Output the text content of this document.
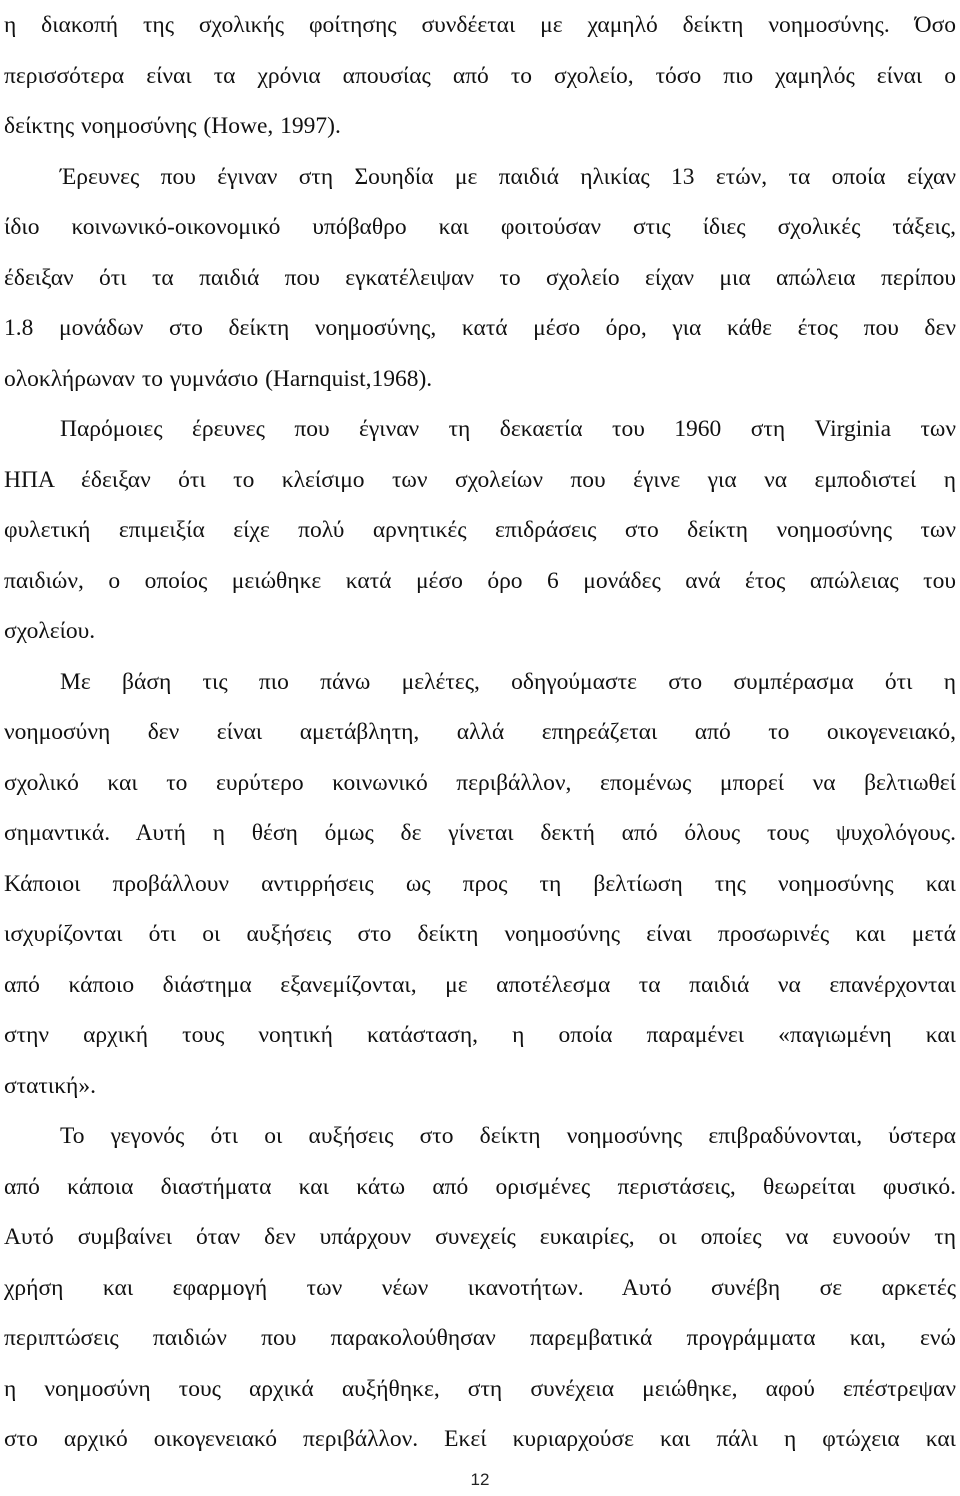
η διακοπή της σχολικής φοίτησης συνδέεται με χαμηλό δείκτη νοημοσύνης. Όσο
περισσότερα είναι τα χρόνια απουσίας από το σχολείο, τόσο πιο χαμηλός είναι ο
δείκτης νοημοσύνης (Howe, 1997).
Έρευνες που έγιναν στη Σουηδία με παιδιά ηλικίας 13 ετών, τα οποία είχαν
ίδιο κοινωνικό-οικονομικό υπόβαθρο και φοιτούσαν στις ίδιες σχολικές τάξεις,
έδειξαν ότι τα παιδιά που εγκατέλειψαν το σχολείο είχαν μια απώλεια περίπου
1.8 μονάδων στο δείκτη νοημοσύνης, κατά μέσο όρο, για κάθε έτος που δεν
ολοκλήρωναν το γυμνάσιο (Harnquist,1968).
Παρόμοιες έρευνες που έγιναν τη δεκαετία του 1960 στη Virginia των
ΗΠΑ έδειξαν ότι το κλείσιμο των σχολείων που έγινε για να εμποδιστεί η
φυλετική επιμειξία είχε πολύ αρνητικές επιδράσεις στο δείκτη νοημοσύνης των
παιδιών, ο οποίος μειώθηκε κατά μέσο όρο 6 μονάδες ανά έτος απώλειας του
σχολείου.
Με βάση τις πιο πάνω μελέτες, οδηγούμαστε στο συμπέρασμα ότι η
νοημοσύνη δεν είναι αμετάβλητη, αλλά επηρεάζεται από το οικογενειακό,
σχολικό και το ευρύτερο κοινωνικό περιβάλλον, επομένως μπορεί να βελτιωθεί
σημαντικά. Αυτή η θέση όμως δε γίνεται δεκτή από όλους τους ψυχολόγους.
Κάποιοι προβάλλουν αντιρρήσεις ως προς τη βελτίωση της νοημοσύνης και
ισχυρίζονται ότι οι αυξήσεις στο δείκτη νοημοσύνης είναι προσωρινές και μετά
από κάποιο διάστημα εξανεμίζονται, με αποτέλεσμα τα παιδιά να επανέρχονται
στην αρχική τους νοητική κατάσταση, η οποία παραμένει «παγιωμένη και
στατική».
Το γεγονός ότι οι αυξήσεις στο δείκτη νοημοσύνης επιβραδύνονται, ύστερα
από κάποια διαστήματα και κάτω από ορισμένες περιστάσεις, θεωρείται φυσικό.
Αυτό συμβαίνει όταν δεν υπάρχουν συνεχείς ευκαιρίες, οι οποίες να ευνοούν τη
χρήση και εφαρμογή των νέων ικανοτήτων. Αυτό συνέβη σε αρκετές
περιπτώσεις παιδιών που παρακολούθησαν παρεμβατικά προγράμματα και, ενώ
η νοημοσύνη τους αρχικά αυξήθηκε, στη συνέχεια μειώθηκε, αφού επέστρεψαν
στο αρχικό οικογενειακό περιβάλλον. Εκεί κυριαρχούσε και πάλι η φτώχεια και
12
